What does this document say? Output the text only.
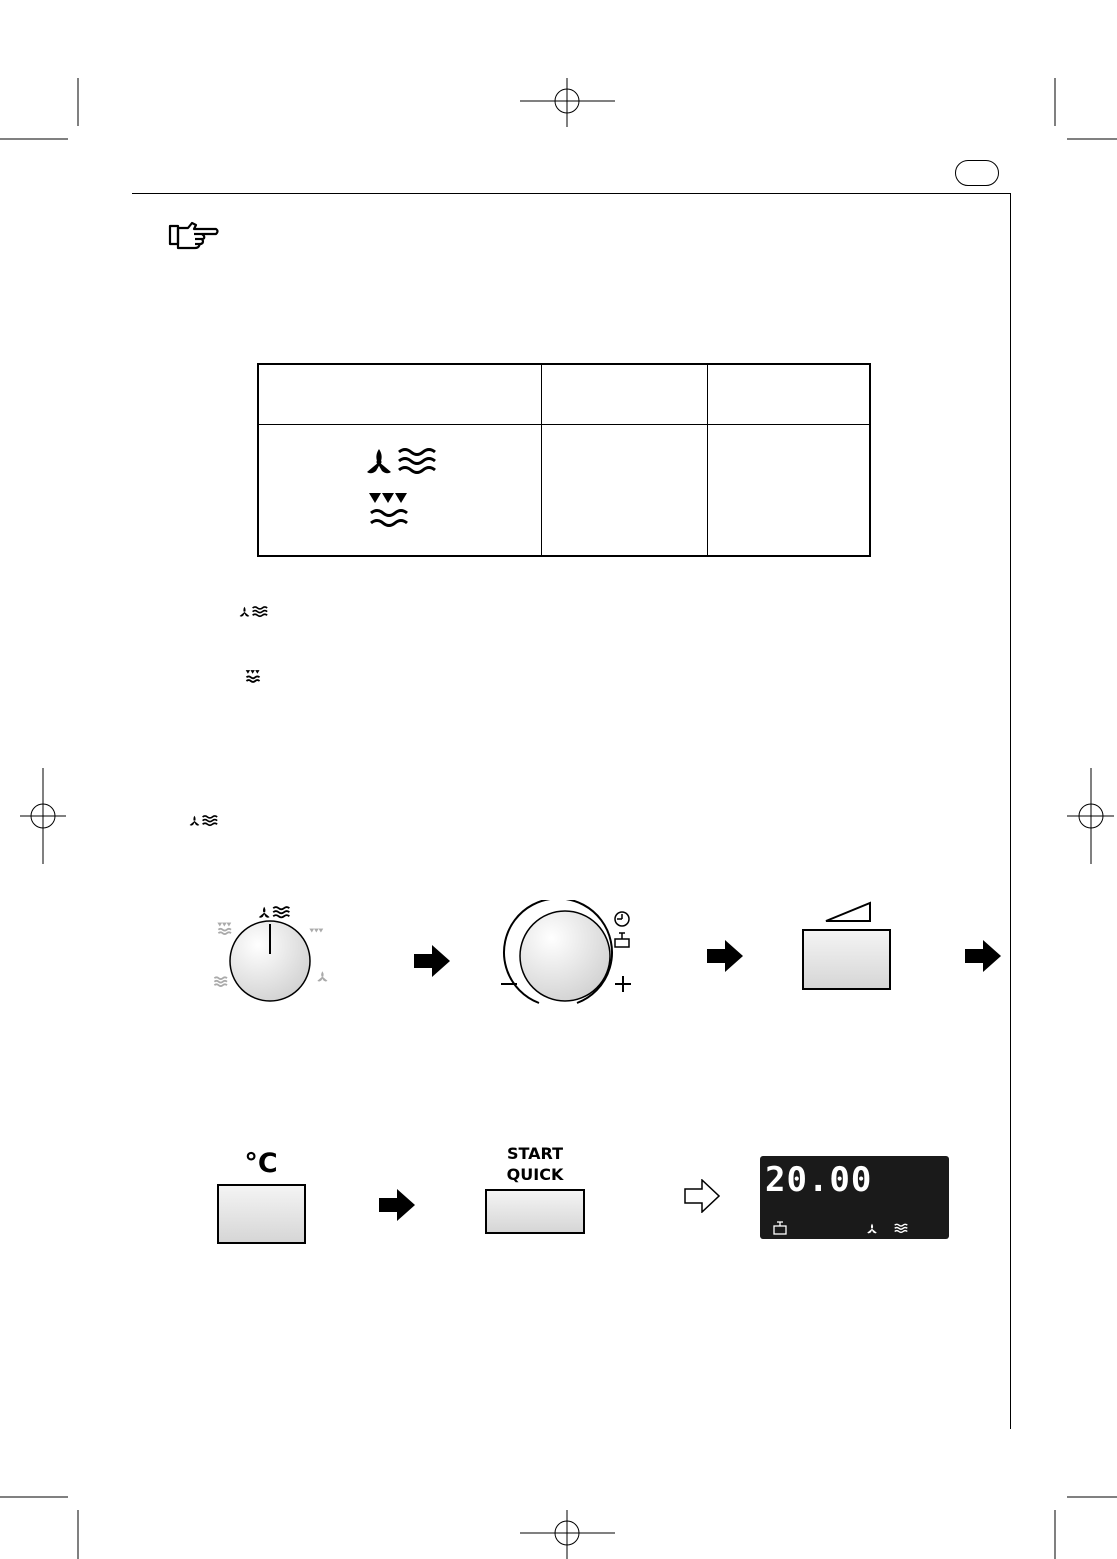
°C	START
QUICK	20.00
